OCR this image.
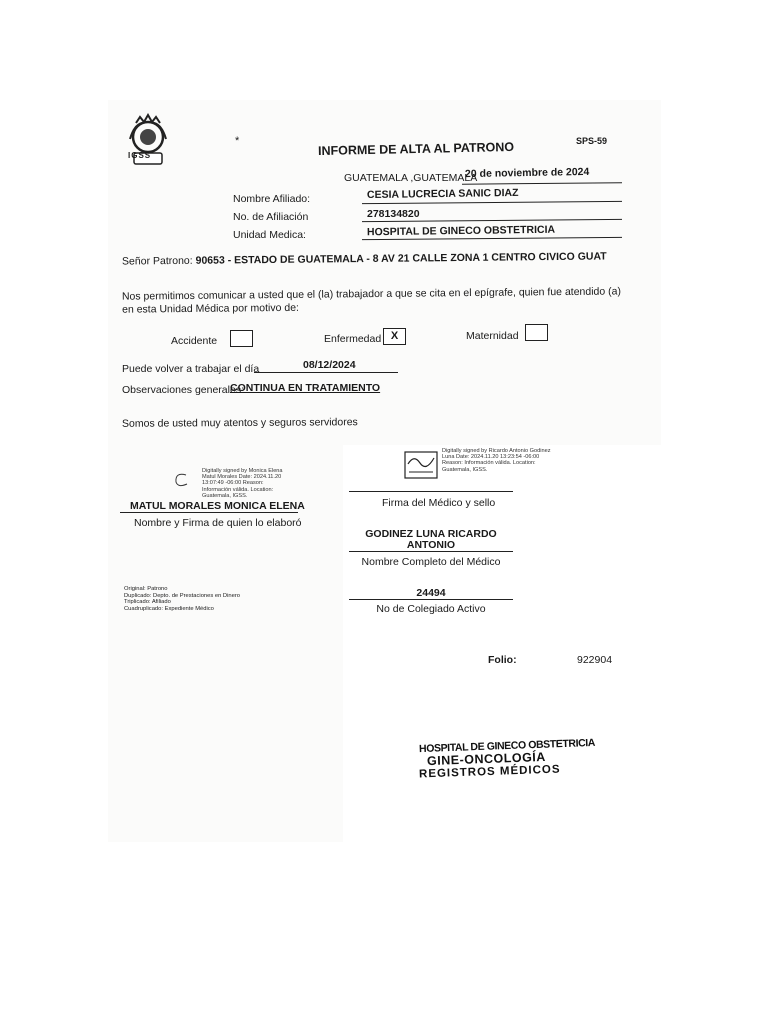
IGSS
*	INFORME DE ALTA AL PATRONO	SPS-59
GUATEMALA ,GUATEMALA
20 de noviembre de 2024
Nombre Afiliado:	CESIA LUCRECIA SANIC DIAZ
No. de Afiliación	278134820
Unidad Medica:	HOSPITAL DE GINECO OBSTETRICIA
Señor Patrono: 90653 - ESTADO DE GUATEMALA - 8 AV 21 CALLE ZONA 1 CENTRO CIVICO GUAT
Nos permitimos comunicar a usted que el (la) trabajador a que se cita en el epígrafe, quien fue atendido (a) en esta Unidad Médica por motivo de:
Accidente	Enfermedad X	Maternidad
Puede volver a trabajar el día	08/12/2024
Observaciones generales:
CONTINUA EN TRATAMIENTO
Somos de usted muy atentos y seguros servidores
Digitally signed by Monica Elena Matul Morales Date: 2024.11.20 13:07:49 -06:00 Reason: Información válida. Location: Guatemala, IGSS.
MATUL MORALES MONICA ELENA
Nombre y Firma de quien lo elaboró
Digitally signed by Ricardo Antonio Godinez Luna Date: 2024.11.20 13:23:54 -06:00 Reason: Información válida. Location: Guatemala, IGSS.
Firma del Médico y sello
GODINEZ LUNA RICARDO
ANTONIO
Nombre Completo del Médico
24494
No de Colegiado Activo
Original: Patrono
Duplicado: Depto. de Prestaciones en Dinero
Triplicado: Afiliado
Cuadruplicado: Expediente Médico
Folio:	922904
HOSPITAL DE GINECO OBSTETRICIA
GINE-ONCOLOGÍA
REGISTROS MÉDICOS
